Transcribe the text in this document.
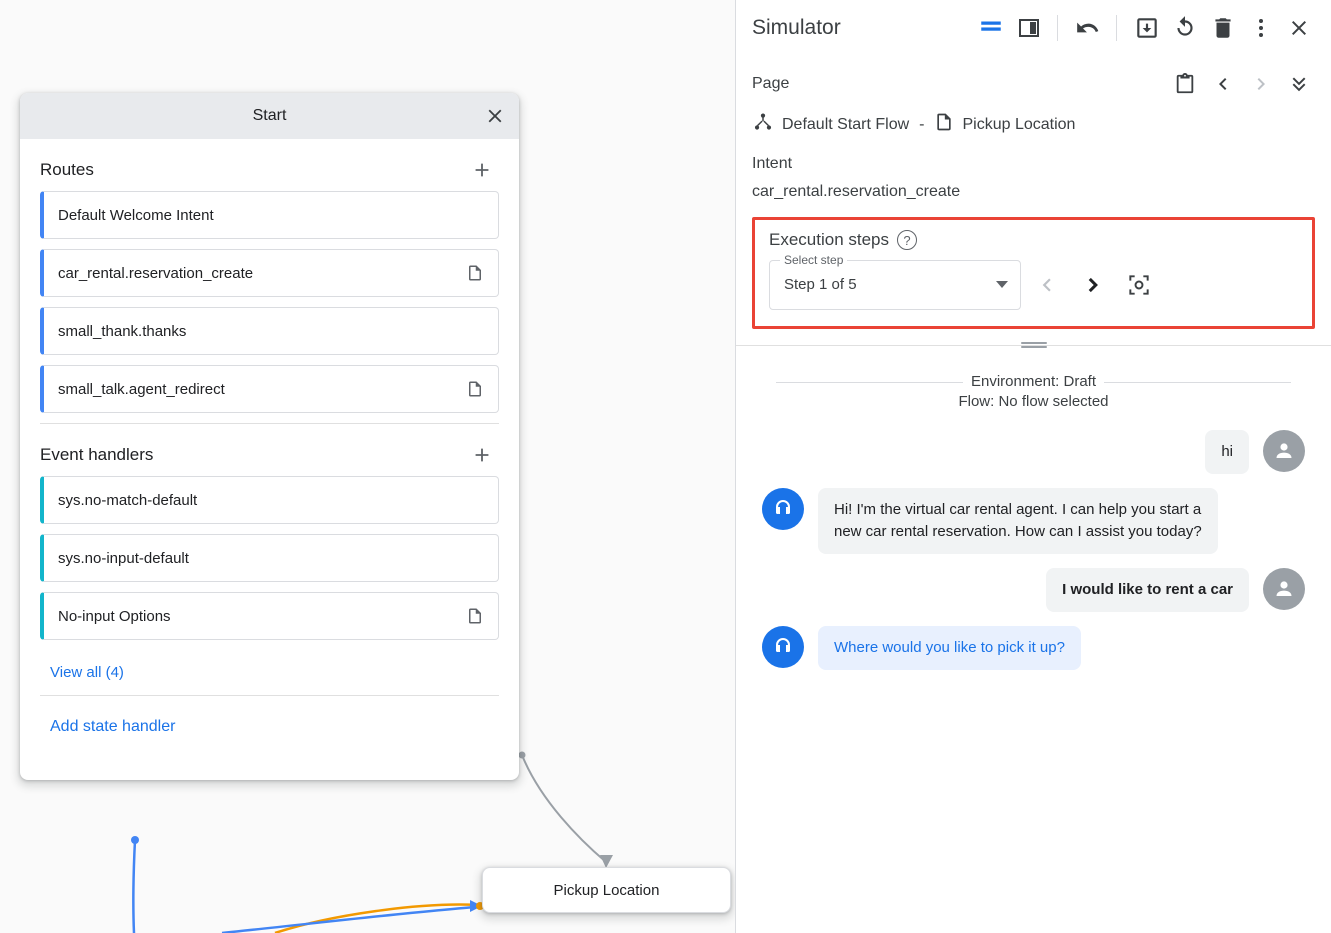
Start
Routes
Default Welcome Intent
car_rental.reservation_create
small_thank.thanks
small_talk.agent_redirect
Event handlers
sys.no-match-default
sys.no-input-default
No-input Options
View all (4)
Add state handler
Pickup Location
Simulator
Page
Default Start Flow - Pickup Location
Intent
car_rental.reservation_create
Execution steps	?
Select step
Step 1 of 5
Environment: Draft
Flow: No flow selected
hi
Hi! I'm the virtual car rental agent. I can help you start a new car rental reservation. How can I assist you today?
I would like to rent a car
Where would you like to pick it up?
